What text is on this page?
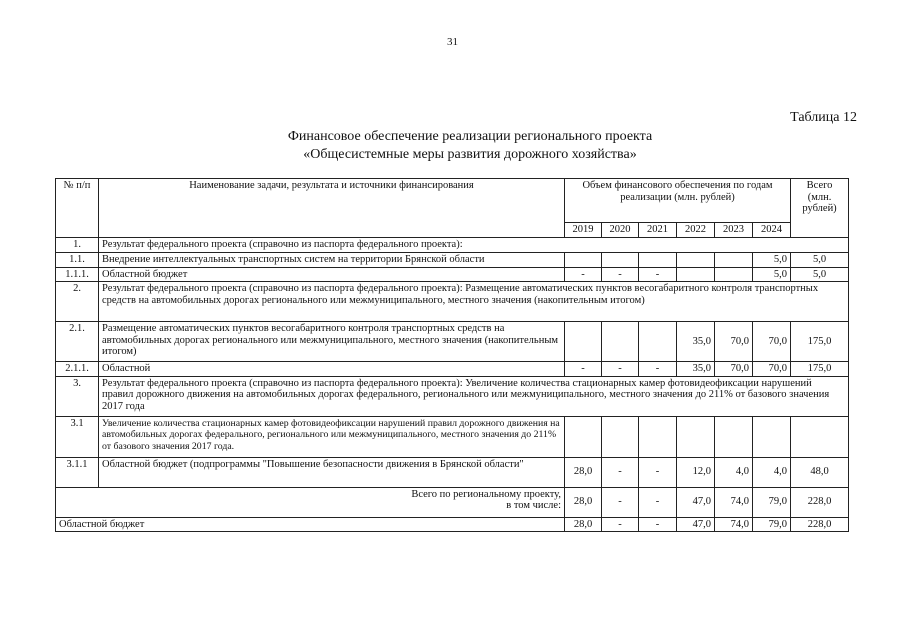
31
Таблица 12
Финансовое обеспечение реализации регионального проекта
«Общесистемные меры развития дорожного хозяйства»
№ п/п	Наименование задачи, результата и источники финансирования	Объем финансового обеспечения по годам реализации (млн. рублей)						Всего (млн. рублей)
		2019	2020	2021	2022	2023	2024	
1.	Результат федерального проекта (справочно из паспорта федерального проекта):							
1.1.	Внедрение интеллектуальных транспортных систем на территории Брянской области						5,0	5,0
1.1.1.	Областной бюджет	-	-	-			5,0	5,0
2.	Результат федерального проекта (справочно из паспорта федерального проекта): Размещение автоматических пунктов весогабаритного контроля транспортных средств на автомобильных дорогах регионального или межмуниципального, местного значения (накопительным итогом)							
2.1.	Размещение автоматических пунктов весогабаритного контроля транспортных средств на автомобильных дорогах регионального или межмуниципального, местного значения (накопительным итогом)				35,0	70,0	70,0	175,0
2.1.1.	Областной	-	-	-	35,0	70,0	70,0	175,0
3.	Результат федерального проекта (справочно из паспорта федерального проекта): Увеличение количества стационарных камер фотовидеофиксации нарушений правил дорожного движения на автомобильных дорогах федерального, регионального или межмуниципального, местного значения до 211% от базового значения 2017 года							
3.1	Увеличение количества стационарных камер фотовидеофиксации нарушений правил дорожного движения на автомобильных дорогах федерального, регионального или межмуниципального, местного значения до 211% от базового значения 2017 года.							
3.1.1	Областной бюджет (подпрограммы "Повышение безопасности движения в Брянской области"	28,0	-	-	12,0	4,0	4,0	48,0

Всего по региональному проекту,
в том числе:		28,0	-	-	47,0	74,0	79,0	228,0
Областной бюджет		28,0	-	-	47,0	74,0	79,0	228,0
